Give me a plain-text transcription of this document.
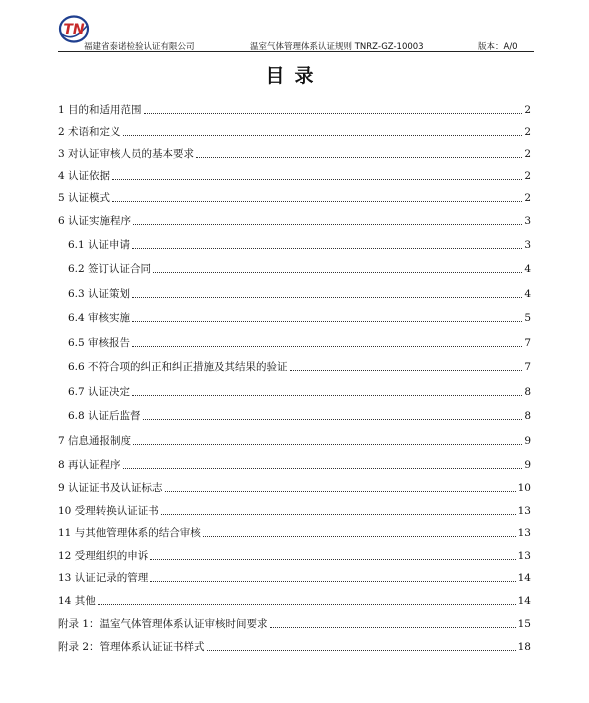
TN
福建省泰诺检验认证有限公司	温室气体管理体系认证规则 TNRZ-GZ-10003	版本：A/0
目录
1 目的和适用范围	2
2 术语和定义	2
3 对认证审核人员的基本要求	2
4 认证依据	2
5 认证模式	2
6 认证实施程序	3
6.1 认证申请	3
6.2 签订认证合同	4
6.3 认证策划	4
6.4 审核实施	5
6.5 审核报告	7
6.6 不符合项的纠正和纠正措施及其结果的验证	7
6.7 认证决定	8
6.8 认证后监督	8
7 信息通报制度	9
8 再认证程序	9
9 认证证书及认证标志	10
10 受理转换认证证书	13
11 与其他管理体系的结合审核	13
12 受理组织的申诉	13
13 认证记录的管理	14
14 其他	14
附录 1：温室气体管理体系认证审核时间要求	15
附录 2：管理体系认证证书样式	18
